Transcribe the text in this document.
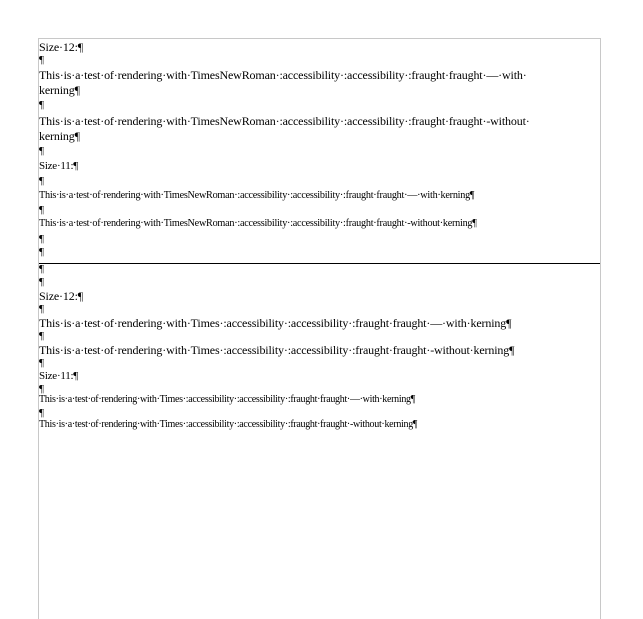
Size·12:¶
¶
This·is·a·test·of·rendering·with·TimesNewRoman·:accessibility·:accessibility·:fraught·fraught·—·with·
kerning¶
¶
This·is·a·test·of·rendering·with·TimesNewRoman·:accessibility·:accessibility·:fraught·fraught·-without·
kerning¶
¶
Size·11:¶
¶
This·is·a·test·of·rendering·with·TimesNewRoman·:accessibility·:accessibility·:fraught·fraught·—·with·kerning¶
¶
This·is·a·test·of·rendering·with·TimesNewRoman·:accessibility·:accessibility·:fraught·fraught·-without·kerning¶
¶
¶
¶
¶
Size·12:¶
¶
This·is·a·test·of·rendering·with·Times·:accessibility·:accessibility·:fraught·fraught·—·with·kerning¶
¶
This·is·a·test·of·rendering·with·Times·:accessibility·:accessibility·:fraught·fraught·-without·kerning¶
¶
Size·11:¶
¶
This·is·a·test·of·rendering·with·Times·:accessibility·:accessibility·:fraught·fraught·—·with·kerning¶
¶
This·is·a·test·of·rendering·with·Times·:accessibility·:accessibility·:fraught·fraught·-without·kerning¶
